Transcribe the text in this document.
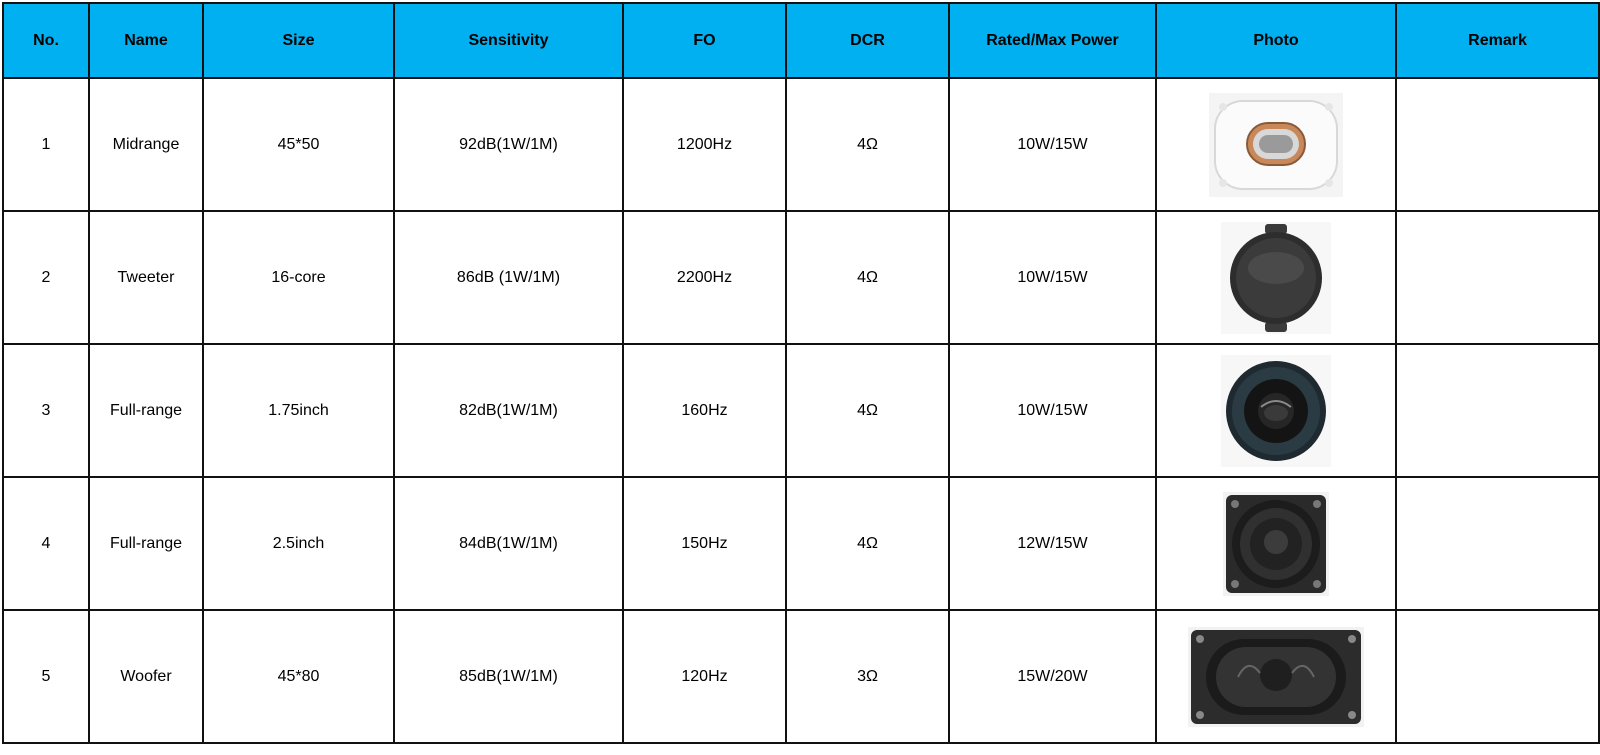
No.	Name	Size	Sensitivity	FO	DCR	Rated/Max Power	Photo	Remark
1	Midrange	45*50	92dB(1W/1M)	1200Hz	4Ω	10W/15W	

2	Tweeter	16-core	86dB (1W/1M)	2200Hz	4Ω	10W/15W	

3	Full-range	1.75inch	82dB(1W/1M)	160Hz	4Ω	10W/15W	

4	Full-range	2.5inch	84dB(1W/1M)	150Hz	4Ω	12W/15W	

5	Woofer	45*80	85dB(1W/1M)	120Hz	3Ω	15W/20W	
